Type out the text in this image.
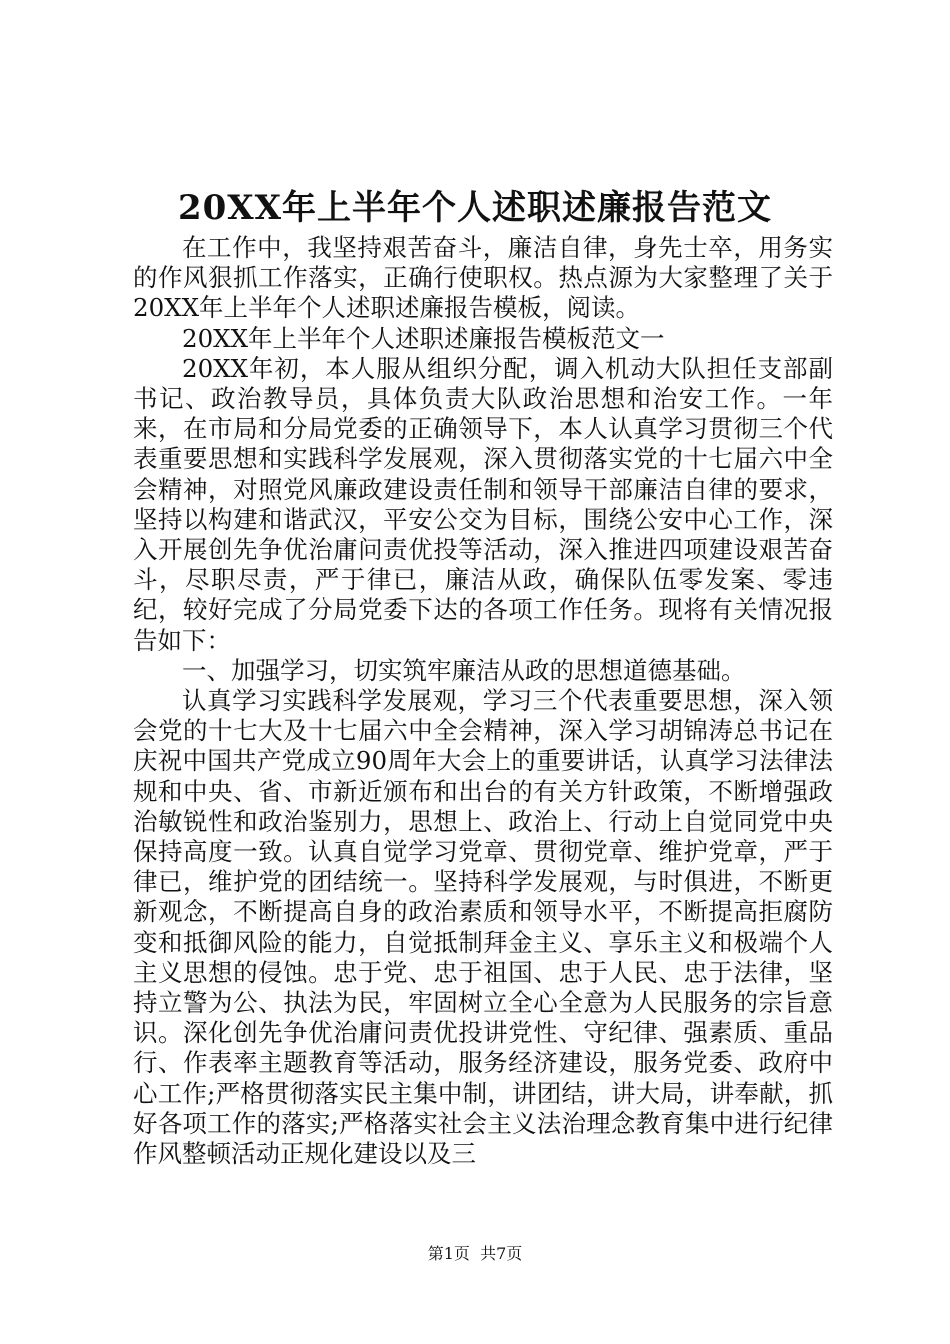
20XX年上半年个人述职述廉报告范文

在工作中，我坚持艰苦奋斗，廉洁自律，身先士卒，用务实的作风狠抓工作落实，正确行使职权。热点源为大家整理了关于20XX年上半年个人述职述廉报告模板，阅读。

20XX年上半年个人述职述廉报告模板范文一

20XX年初，本人服从组织分配，调入机动大队担任支部副书记、政治教导员，具体负责大队政治思想和治安工作。一年来，在市局和分局党委的正确领导下，本人认真学习贯彻三个代表重要思想和实践科学发展观，深入贯彻落实党的十七届六中全会精神，对照党风廉政建设责任制和领导干部廉洁自律的要求，坚持以构建和谐武汉，平安公交为目标，围绕公安中心工作，深入开展创先争优治庸问责优投等活动，深入推进四项建设艰苦奋斗，尽职尽责，严于律已，廉洁从政，确保队伍零发案、零违纪，较好完成了分局党委下达的各项工作任务。现将有关情况报告如下：

一、加强学习，切实筑牢廉洁从政的思想道德基础。

认真学习实践科学发展观，学习三个代表重要思想，深入领会党的十七大及十七届六中全会精神，深入学习胡锦涛总书记在庆祝中国共产党成立90周年大会上的重要讲话，认真学习法律法规和中央、省、市新近颁布和出台的有关方针政策，不断增强政治敏锐性和政治鉴别力，思想上、政治上、行动上自觉同党中央保持高度一致。认真自觉学习党章、贯彻党章、维护党章，严于律已，维护党的团结统一。坚持科学发展观，与时俱进，不断更新观念，不断提高自身的政治素质和领导水平，不断提高拒腐防变和抵御风险的能力，自觉抵制拜金主义、享乐主义和极端个人主义思想的侵蚀。忠于党、忠于祖国、忠于人民、忠于法律，坚持立警为公、执法为民，牢固树立全心全意为人民服务的宗旨意识。深化创先争优治庸问责优投讲党性、守纪律、强素质、重品行、作表率主题教育等活动，服务经济建设，服务党委、政府中心工作;严格贯彻落实民主集中制，讲团结，讲大局，讲奉献，抓好各项工作的落实;严格落实社会主义法治理念教育集中进行纪律作风整顿活动正规化建设以及三

第1页 共7页
